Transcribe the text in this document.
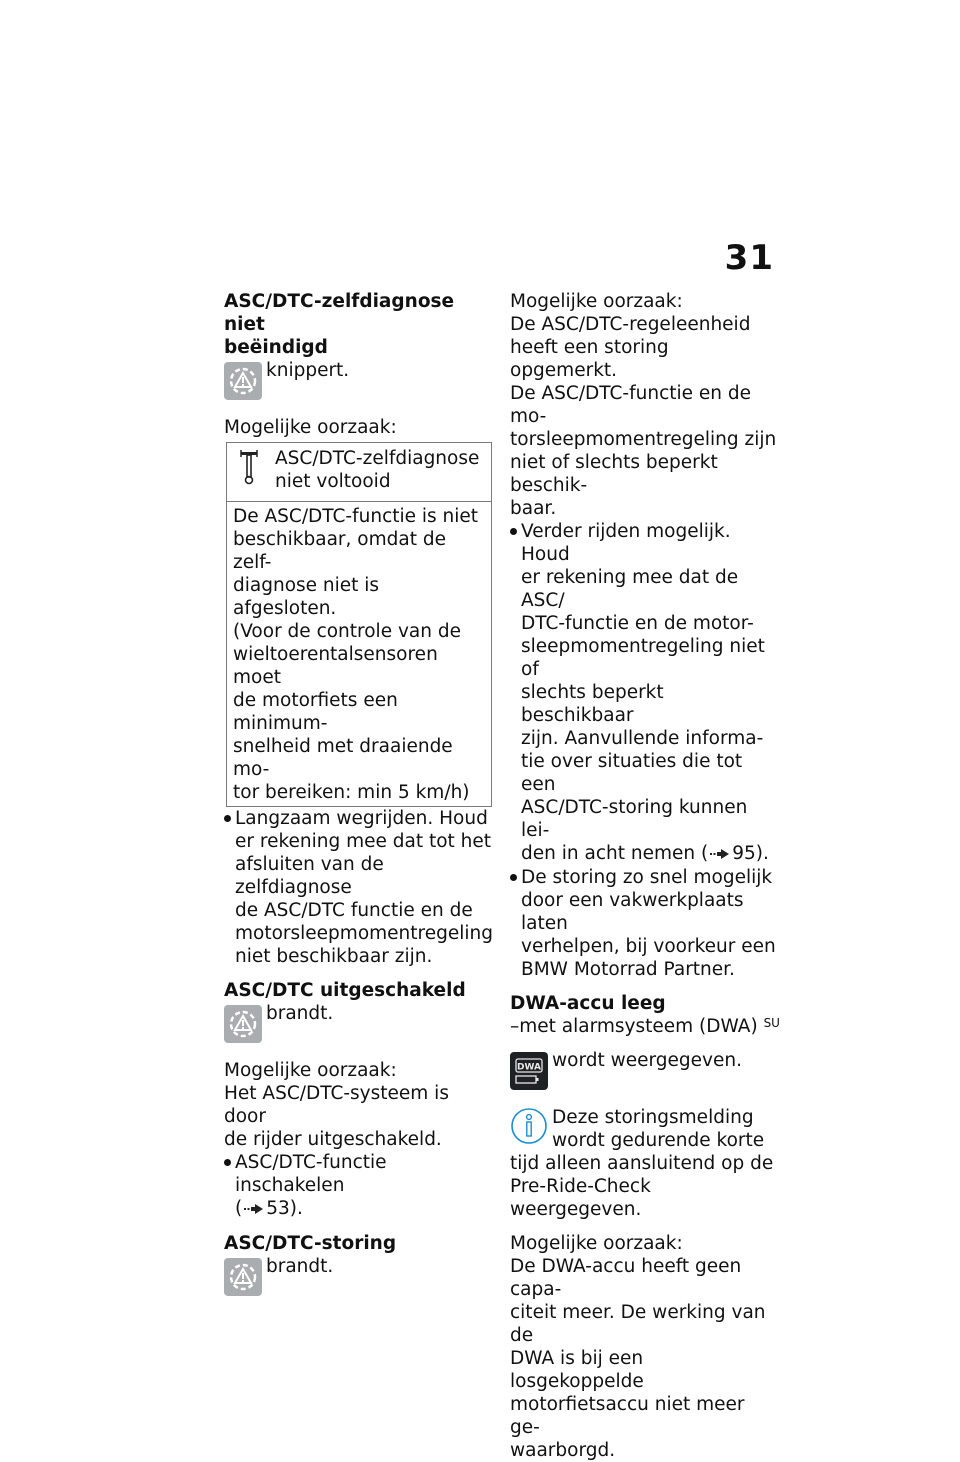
31

ASC/DTC-zelfdiagnose niet
beëindigd

knippert.

Mogelijke oorzaak:

ASC/DTC-zelfdiagnose
niet voltooid
De ASC/DTC-functie is niet
beschikbaar, omdat de zelf-
diagnose niet is afgesloten.
(Voor de controle van de
wieltoerentalsensoren moet
de motorfiets een minimum-
snelheid met draaiende mo-
tor bereiken: min 5 km/h)
Langzaam wegrijden. Houd
er rekening mee dat tot het
afsluiten van de zelfdiagnose
de ASC/DTC functie en de
motorsleepmomentregeling
niet beschikbaar zijn.

ASC/DTC uitgeschakeld

brandt.

Mogelijke oorzaak:

Het ASC/DTC-systeem is door
de rijder uitgeschakeld.

ASC/DTC-functie inschakelen
( 53).

ASC/DTC-storing

brandt.

Mogelijke oorzaak:

De ASC/DTC-regeleenheid
heeft een storing opgemerkt.
De ASC/DTC-functie en de mo-
torsleepmomentregeling zijn
niet of slechts beperkt beschik-
baar.

Verder rijden mogelijk. Houd
er rekening mee dat de ASC/
DTC-functie en de motor-
sleepmomentregeling niet of
slechts beperkt beschikbaar
zijn. Aanvullende informa-
tie over situaties die tot een
ASC/DTC-storing kunnen lei-
den in acht nemen ( 95).
De storing zo snel mogelijk
door een vakwerkplaats laten
verhelpen, bij voorkeur een
BMW Motorrad Partner.

DWA-accu leeg

–met alarmsysteem (DWA) $^{SU}$

DWA wordt weergegeven.
Deze storingsmelding
wordt gedurende korte
tijd alleen aansluitend op de
Pre-Ride-Check weergegeven.

Mogelijke oorzaak:

De DWA-accu heeft geen capa-
citeit meer. De werking van de
DWA is bij een losgekoppelde
motorfietsaccu niet meer ge-
waarborgd.
